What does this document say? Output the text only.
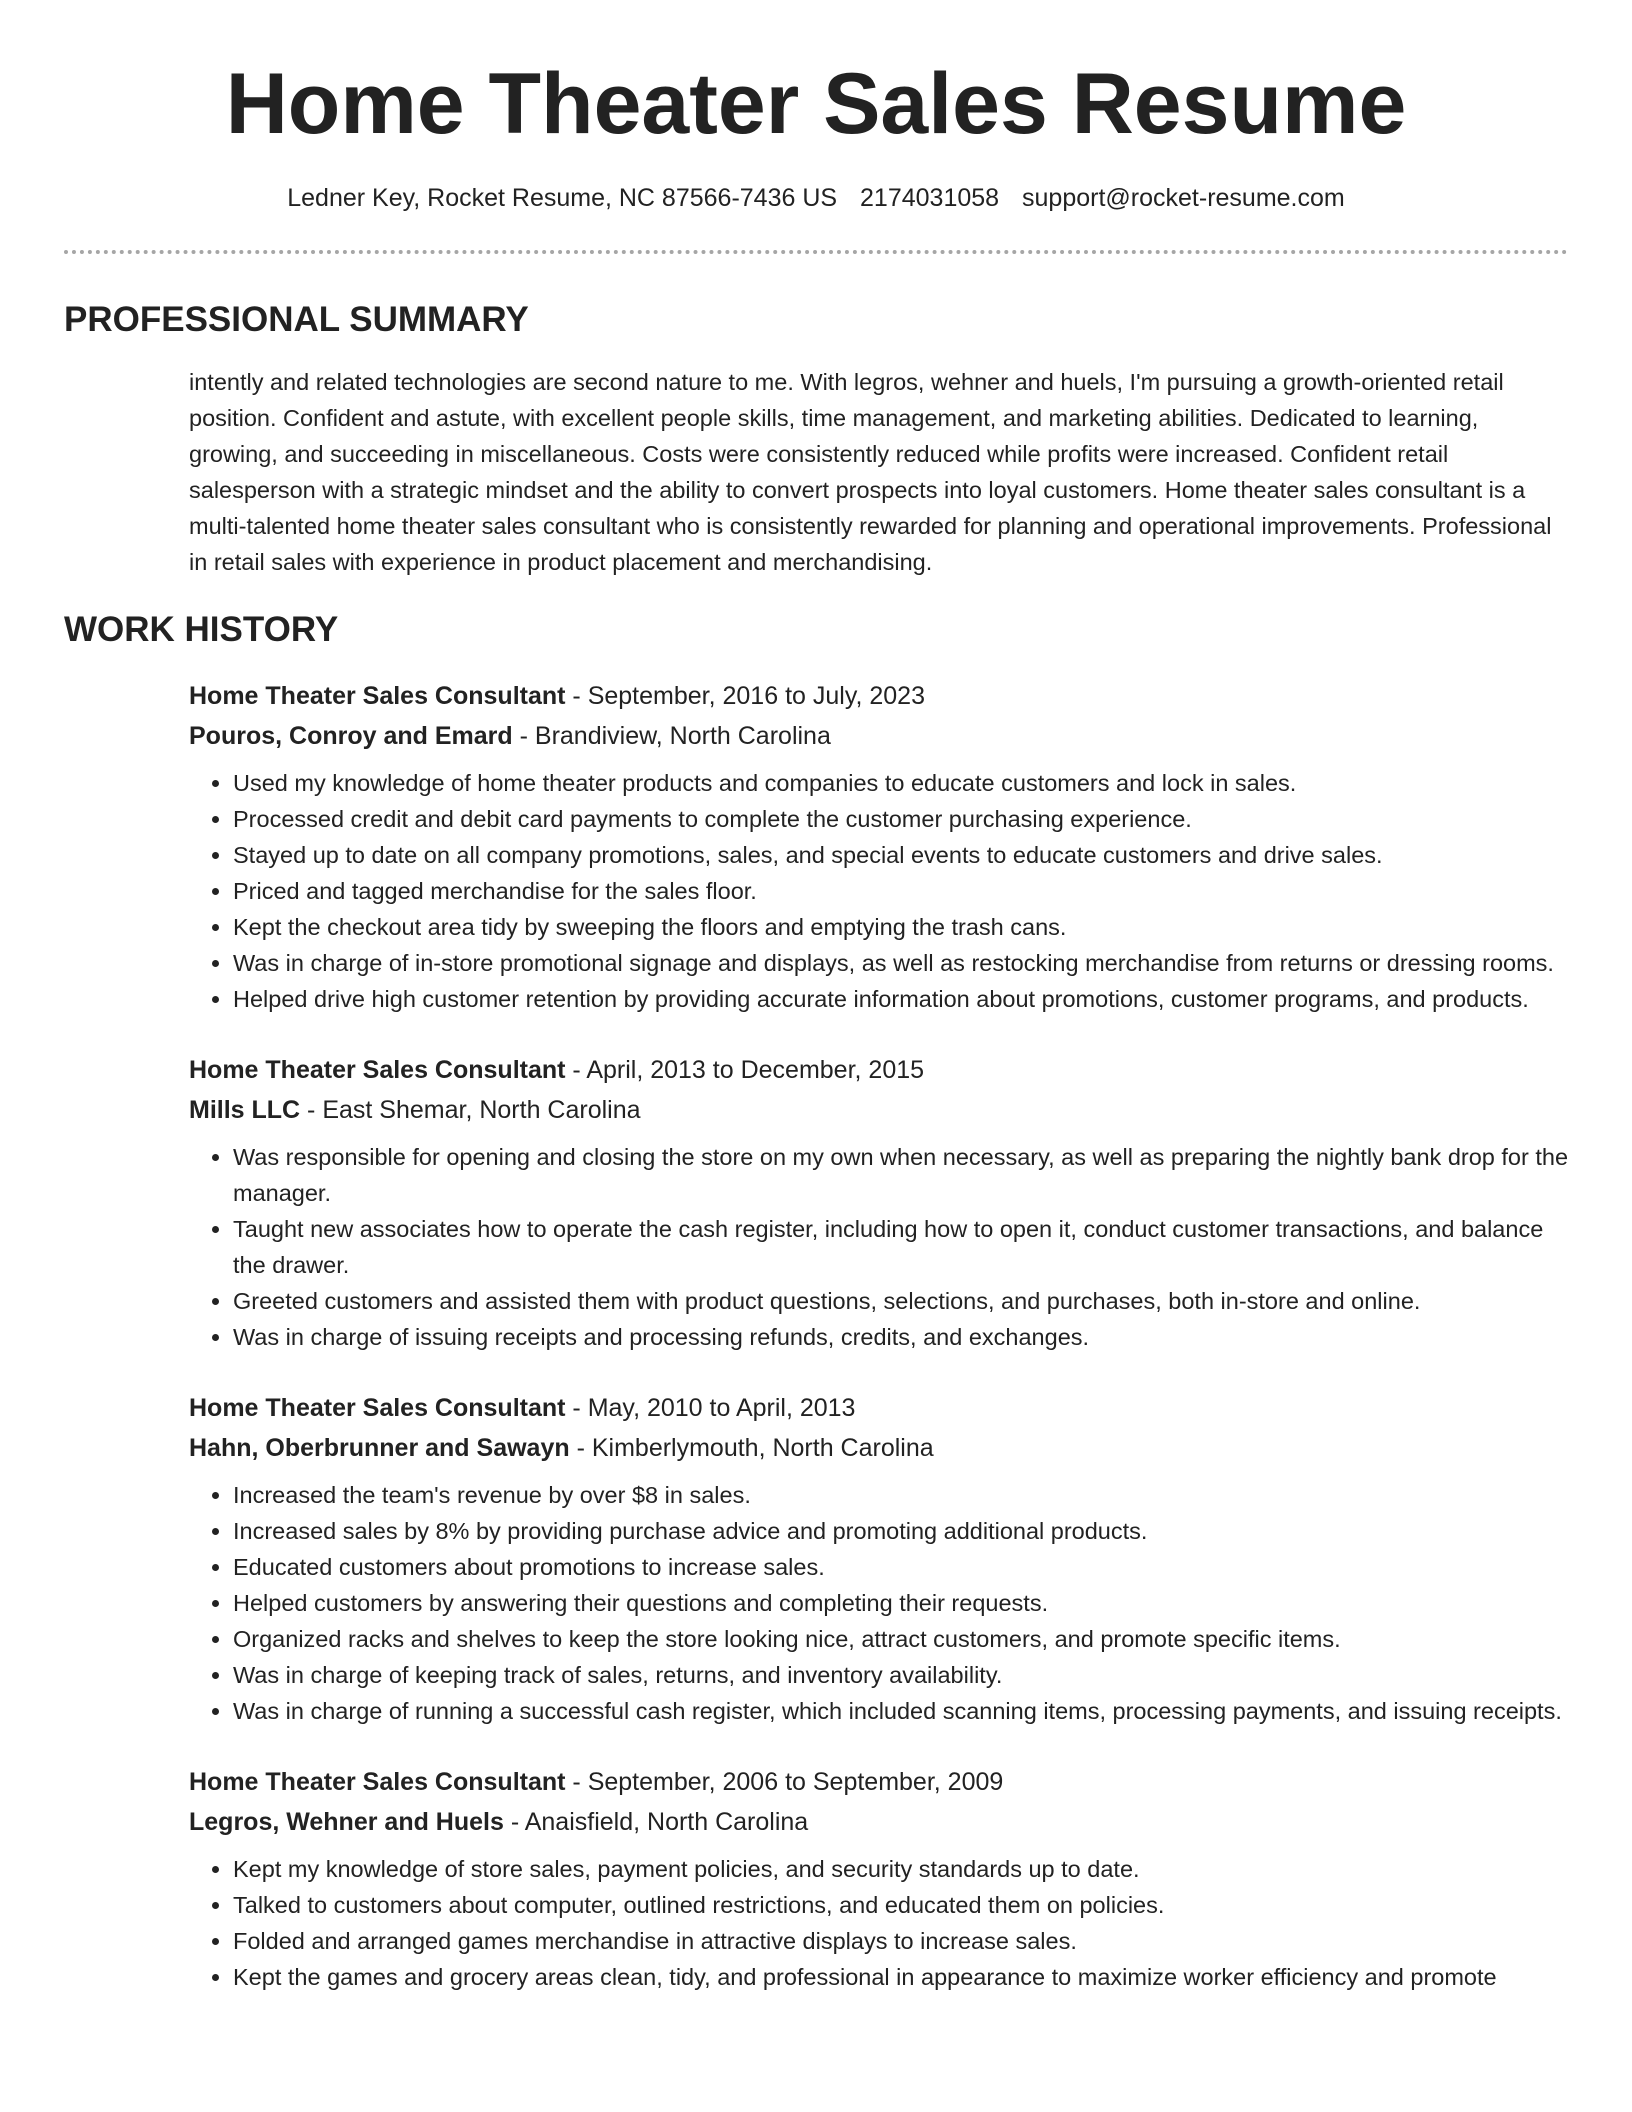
Home Theater Sales Resume
Ledner Key, Rocket Resume, NC 87566-7436 US 2174031058 support@rocket-resume.com
PROFESSIONAL SUMMARY

intently and related technologies are second nature to me. With legros, wehner and huels, I'm pursuing a growth-oriented retail position. Confident and astute, with excellent people skills, time management, and marketing abilities. Dedicated to learning, growing, and succeeding in miscellaneous. Costs were consistently reduced while profits were increased. Confident retail salesperson with a strategic mindset and the ability to convert prospects into loyal customers. Home theater sales consultant is a multi-talented home theater sales consultant who is consistently rewarded for planning and operational improvements. Professional in retail sales with experience in product placement and merchandising.

WORK HISTORY
Home Theater Sales Consultant - September, 2016 to July, 2023
Pouros, Conroy and Emard - Brandiview, North Carolina
• Used my knowledge of home theater products and companies to educate customers and lock in sales.
• Processed credit and debit card payments to complete the customer purchasing experience.
• Stayed up to date on all company promotions, sales, and special events to educate customers and drive sales.
• Priced and tagged merchandise for the sales floor.
• Kept the checkout area tidy by sweeping the floors and emptying the trash cans.
• Was in charge of in-store promotional signage and displays, as well as restocking merchandise from returns or dressing rooms.
• Helped drive high customer retention by providing accurate information about promotions, customer programs, and products.
Home Theater Sales Consultant - April, 2013 to December, 2015
Mills LLC - East Shemar, North Carolina
• Was responsible for opening and closing the store on my own when necessary, as well as preparing the nightly bank drop for the manager.
• Taught new associates how to operate the cash register, including how to open it, conduct customer transactions, and balance the drawer.
• Greeted customers and assisted them with product questions, selections, and purchases, both in-store and online.
• Was in charge of issuing receipts and processing refunds, credits, and exchanges.
Home Theater Sales Consultant - May, 2010 to April, 2013
Hahn, Oberbrunner and Sawayn - Kimberlymouth, North Carolina
• Increased the team's revenue by over $8 in sales.
• Increased sales by 8% by providing purchase advice and promoting additional products.
• Educated customers about promotions to increase sales.
• Helped customers by answering their questions and completing their requests.
• Organized racks and shelves to keep the store looking nice, attract customers, and promote specific items.
• Was in charge of keeping track of sales, returns, and inventory availability.
• Was in charge of running a successful cash register, which included scanning items, processing payments, and issuing receipts.
Home Theater Sales Consultant - September, 2006 to September, 2009
Legros, Wehner and Huels - Anaisfield, North Carolina
• Kept my knowledge of store sales, payment policies, and security standards up to date.
• Talked to customers about computer, outlined restrictions, and educated them on policies.
• Folded and arranged games merchandise in attractive displays to increase sales.
• Kept the games and grocery areas clean, tidy, and professional in appearance to maximize worker efficiency and promote
